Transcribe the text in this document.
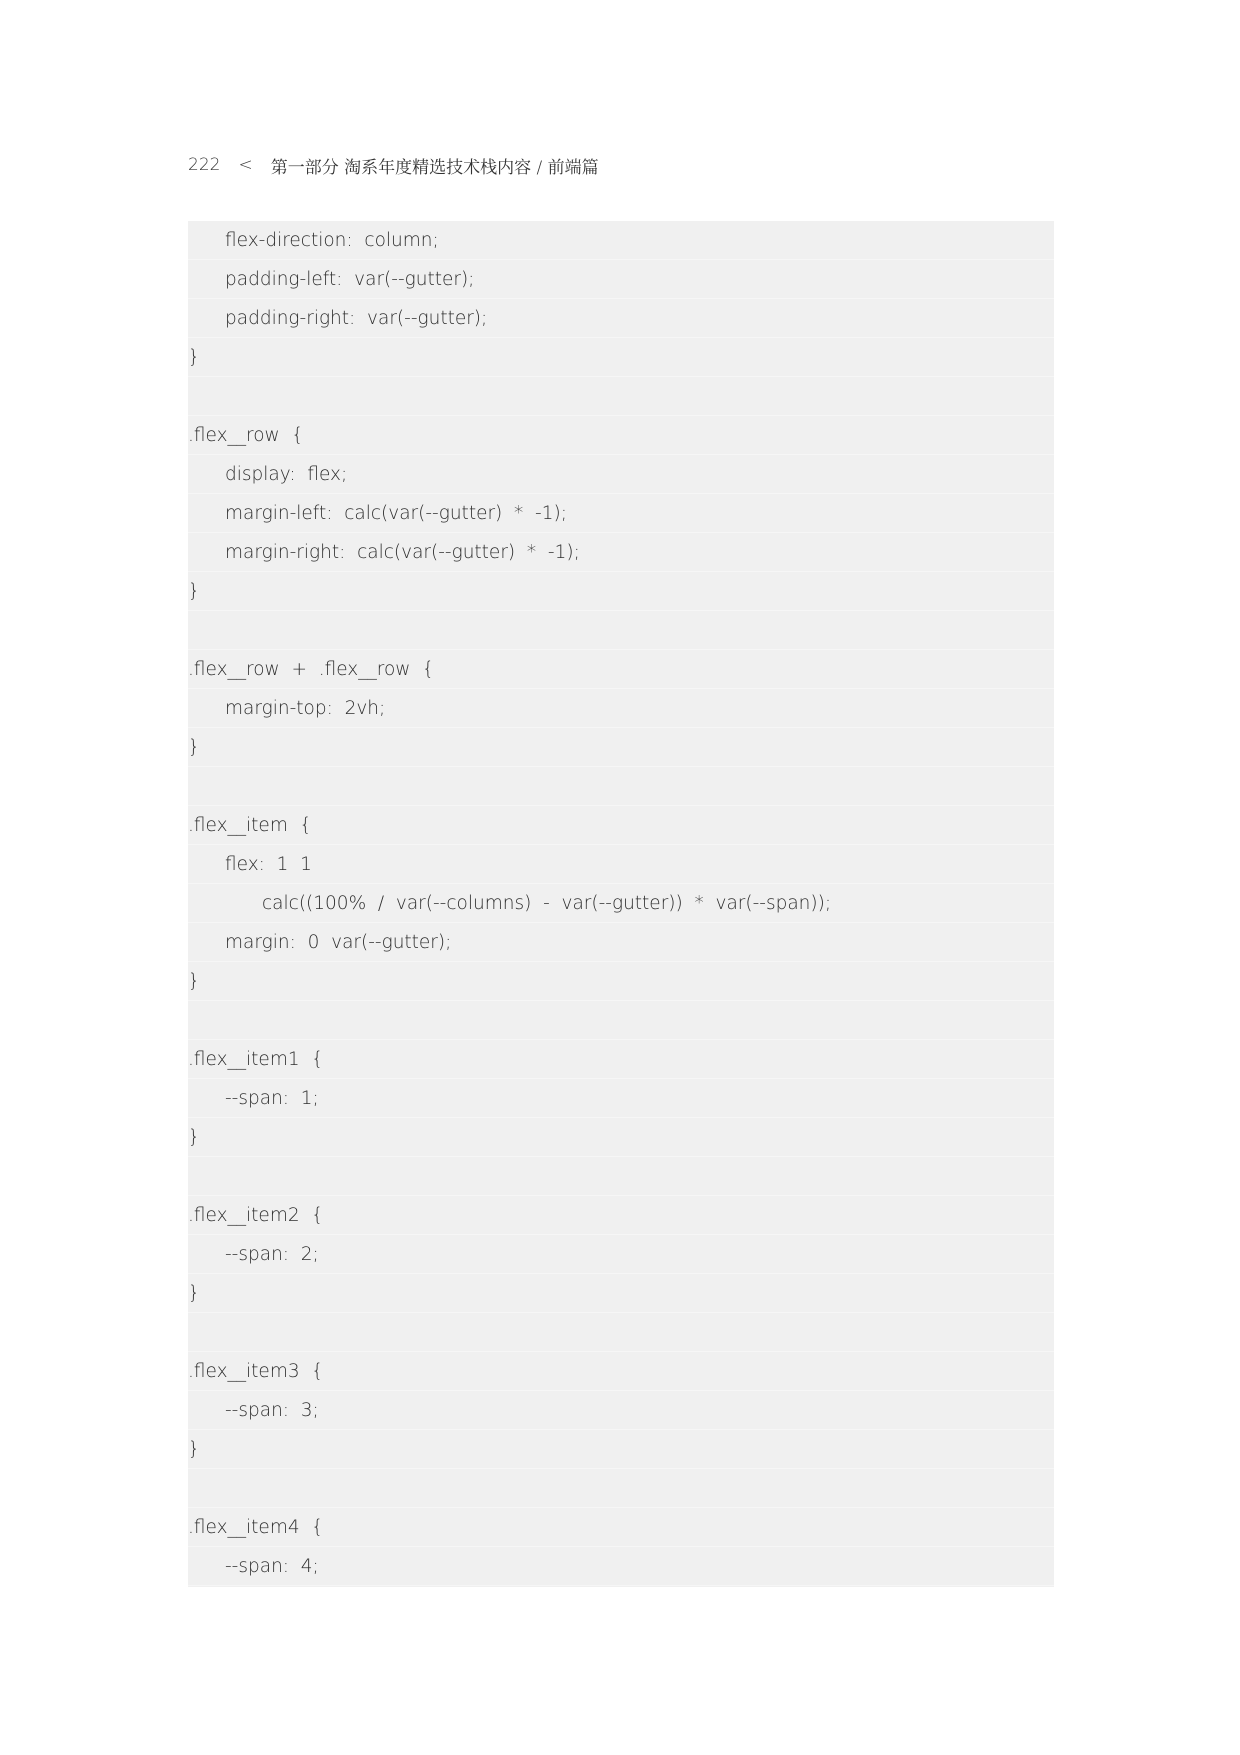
222 < 第一部分 淘系年度精选技术栈内容 / 前端篇
flex-direction:  column;
padding-left:  var(--gutter);
padding-right:  var(--gutter);
}
.flex__row  {
display:  flex;
margin-left:  calc(var(--gutter)  *  -1);
margin-right:  calc(var(--gutter)  *  -1);
}
.flex__row  +  .flex__row  {
margin-top:  2vh;
}
.flex__item  {
flex:  1  1
calc((100%  /  var(--columns)  -  var(--gutter))  *  var(--span));
margin:  0  var(--gutter);
}
.flex__item1  {
--span:  1;
}
.flex__item2  {
--span:  2;
}
.flex__item3  {
--span:  3;
}
.flex__item4  {
--span:  4;
